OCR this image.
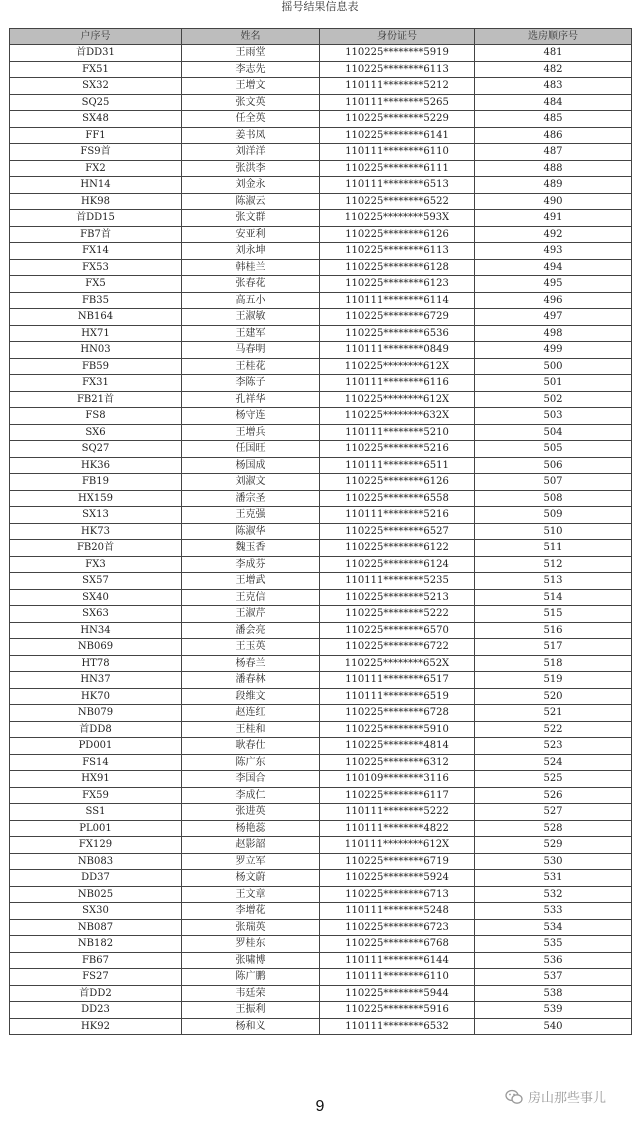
摇号结果信息表
户序号	姓名	身份证号	选房顺序号
首DD31	王雨堂	110225********5919	481
FX51	李志先	110225********6113	482
SX32	王增文	110111********5212	483
SQ25	张文英	110111********5265	484
SX48	任全英	110225********5229	485
FF1	姜书凤	110225********6141	486
FS9首	刘洋洋	110111********6110	487
FX2	张洪李	110225********6111	488
HN14	刘金永	110111********6513	489
HK98	陈淑云	110225********6522	490
首DD15	张文群	110225********593X	491
FB7首	安亚利	110225********6126	492
FX14	刘永坤	110225********6113	493
FX53	韩桂兰	110225********6128	494
FX5	张春花	110225********6123	495
FB35	高五小	110111********6114	496
NB164	王淑敏	110225********6729	497
HX71	王建军	110225********6536	498
HN03	马春明	110111********0849	499
FB59	王桂花	110225********612X	500
FX31	李陈子	110111********6116	501
FB21首	孔祥华	110225********612X	502
FS8	杨守连	110225********632X	503
SX6	王增兵	110111********5210	504
SQ27	任国旺	110225********5216	505
HK36	杨国成	110111********6511	506
FB19	刘淑文	110225********6126	507
HX159	潘宗圣	110225********6558	508
SX13	王克强	110111********5216	509
HK73	陈淑华	110225********6527	510
FB20首	魏玉香	110225********6122	511
FX3	李成芬	110225********6124	512
SX57	王增武	110111********5235	513
SX40	王克信	110225********5213	514
SX63	王淑芹	110225********5222	515
HN34	潘会亮	110225********6570	516
NB069	王玉英	110225********6722	517
HT78	杨春兰	110225********652X	518
HN37	潘春林	110111********6517	519
HK70	段维文	110111********6519	520
NB079	赵连红	110225********6728	521
首DD8	王桂和	110225********5910	522
PD001	耿春仕	110225********4814	523
FS14	陈广东	110225********6312	524
HX91	李国合	110109********3116	525
FX59	李成仁	110225********6117	526
SS1	张进英	110111********5222	527
PL001	杨艳蕊	110111********4822	528
FX129	赵影韶	110111********612X	529
NB083	罗立军	110225********6719	530
DD37	杨文蔚	110225********5924	531
NB025	王文章	110225********6713	532
SX30	李增花	110111********5248	533
NB087	张瑞英	110225********6723	534
NB182	罗桂东	110225********6768	535
FB67	张啸博	110111********6144	536
FS27	陈广鹏	110111********6110	537
首DD2	韦廷荣	110225********5944	538
DD23	王振利	110225********5916	539
HK92	杨和义	110111********6532	540
9	房山那些事儿
